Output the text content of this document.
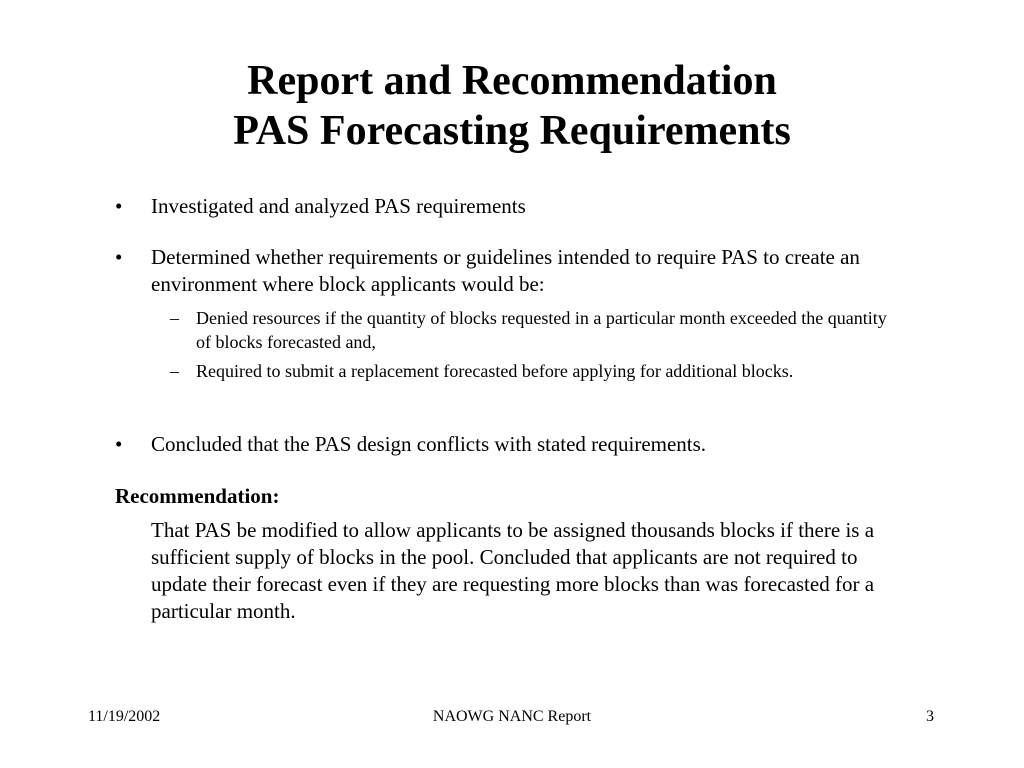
Report and Recommendation
PAS Forecasting Requirements
• Investigated and analyzed PAS requirements
• Determined whether requirements or guidelines intended to require PAS to create an environment where block applicants would be:
– Denied resources if the quantity of blocks requested in a particular month exceeded the quantity of blocks forecasted and,
– Required to submit a replacement forecasted before applying for additional blocks.
• Concluded that the PAS design conflicts with stated requirements.
Recommendation:
That PAS be modified to allow applicants to be assigned thousands blocks if there is a sufficient supply of blocks in the pool. Concluded that applicants are not required to update their forecast even if they are requesting more blocks than was forecasted for a particular month.
11/19/2002	NAOWG NANC Report	3
